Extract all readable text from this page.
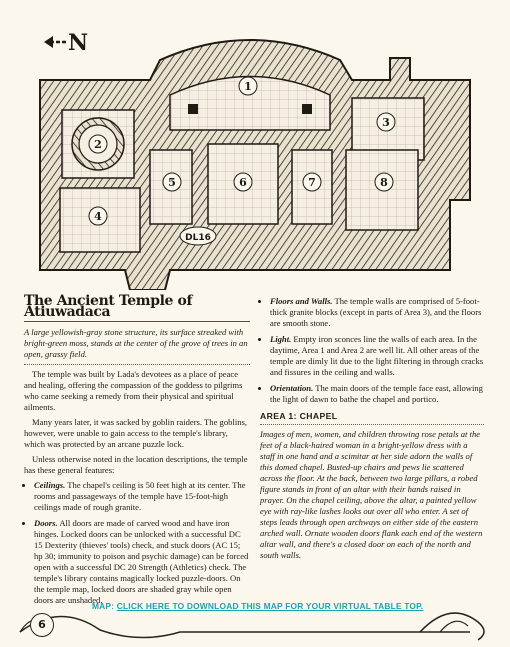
N
1
2
3
4
5	6	7	8
DL16
The Ancient Temple of Atiuwadaca

A large yellowish-gray stone structure, its surface streaked with bright-green moss, stands at the center of the grove of trees in an open, grassy field.

The temple was built by Lada's devotees as a place of peace and healing, offering the compassion of the goddess to pilgrims who came seeking a remedy from their physical and spiritual ailments.

Many years later, it was sacked by goblin raiders. The goblins, however, were unable to gain access to the temple's library, which was protected by an arcane puzzle lock.

Unless otherwise noted in the location descriptions, the temple has these general features:

• Ceilings. The chapel's ceiling is 50 feet high at its center. The rooms and passageways of the temple have 15-foot-high ceilings made of rough granite.
• Doors. All doors are made of carved wood and have iron hinges. Locked doors can be unlocked with a successful DC 15 Dexterity (thieves' tools) check, and stuck doors (AC 15; hp 30; immunity to poison and psychic damage) can be forced open with a successful DC 20 Strength (Athletics) check. The temple's library contains magically locked puzzle-doors. On the temple map, locked doors are shaded gray while open doors are unshaded.
• Floors and Walls. The temple walls are comprised of 5-foot-thick granite blocks (except in parts of Area 3), and the floors are smooth stone.
• Light. Empty iron sconces line the walls of each area. In the daytime, Area 1 and Area 2 are well lit. All other areas of the temple are dimly lit due to the light filtering in through cracks and fissures in the ceiling and walls.
• Orientation. The main doors of the temple face east, allowing the light of dawn to bathe the chapel and portico.
AREA 1: CHAPEL

Images of men, women, and children throwing rose petals at the feet of a black-haired woman in a bright-yellow dress with a staff in one hand and a scimitar at her side adorn the walls of this domed chapel. Busted-up chairs and pews lie scattered across the floor. At the back, between two large pillars, a robed figure stands in front of an altar with their hands raised in prayer. On the chapel ceiling, above the altar, a painted yellow eye with ray-like lashes looks out over all who enter. A set of steps leads through open archways on either side of the eastern arched wall. Ornate wooden doors flank each end of the western altar wall, and there's a closed door on each of the north and south walls.

MAP: CLICK HERE TO DOWNLOAD THIS MAP FOR YOUR VIRTUAL TABLE TOP.
6
